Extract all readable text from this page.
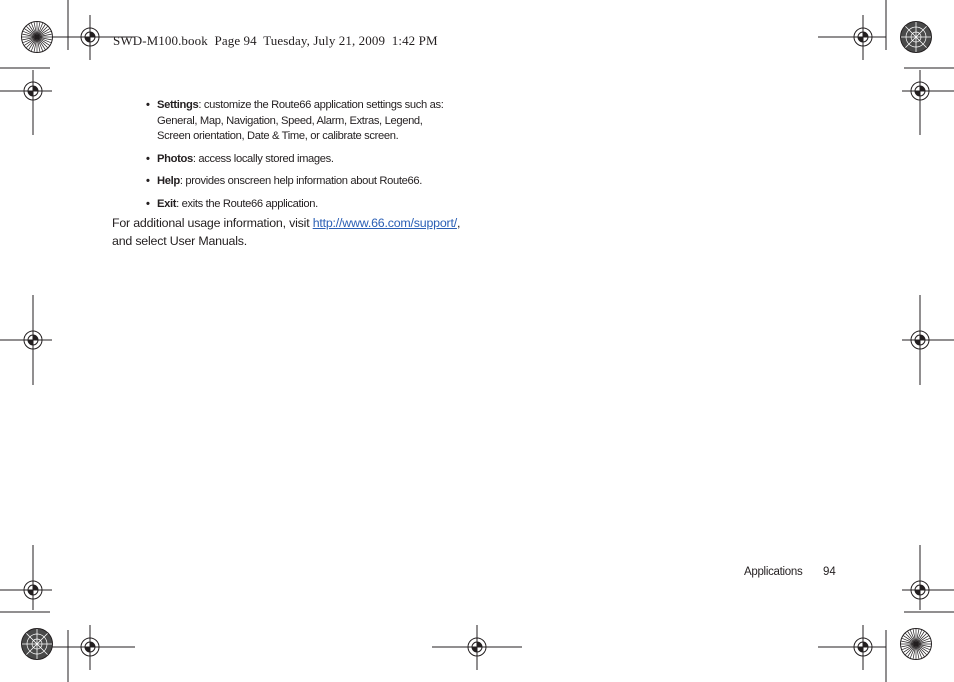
SWD-M100.book  Page 94  Tuesday, July 21, 2009  1:42 PM
• Settings: customize the Route66 application settings such as: General, Map, Navigation, Speed, Alarm, Extras, Legend, Screen orientation, Date & Time, or calibrate screen.
• Photos: access locally stored images.
• Help: provides onscreen help information about Route66.
• Exit: exits the Route66 application.

For additional usage information, visit http://www.66.com/support/, and select User Manuals.

Applications 94
